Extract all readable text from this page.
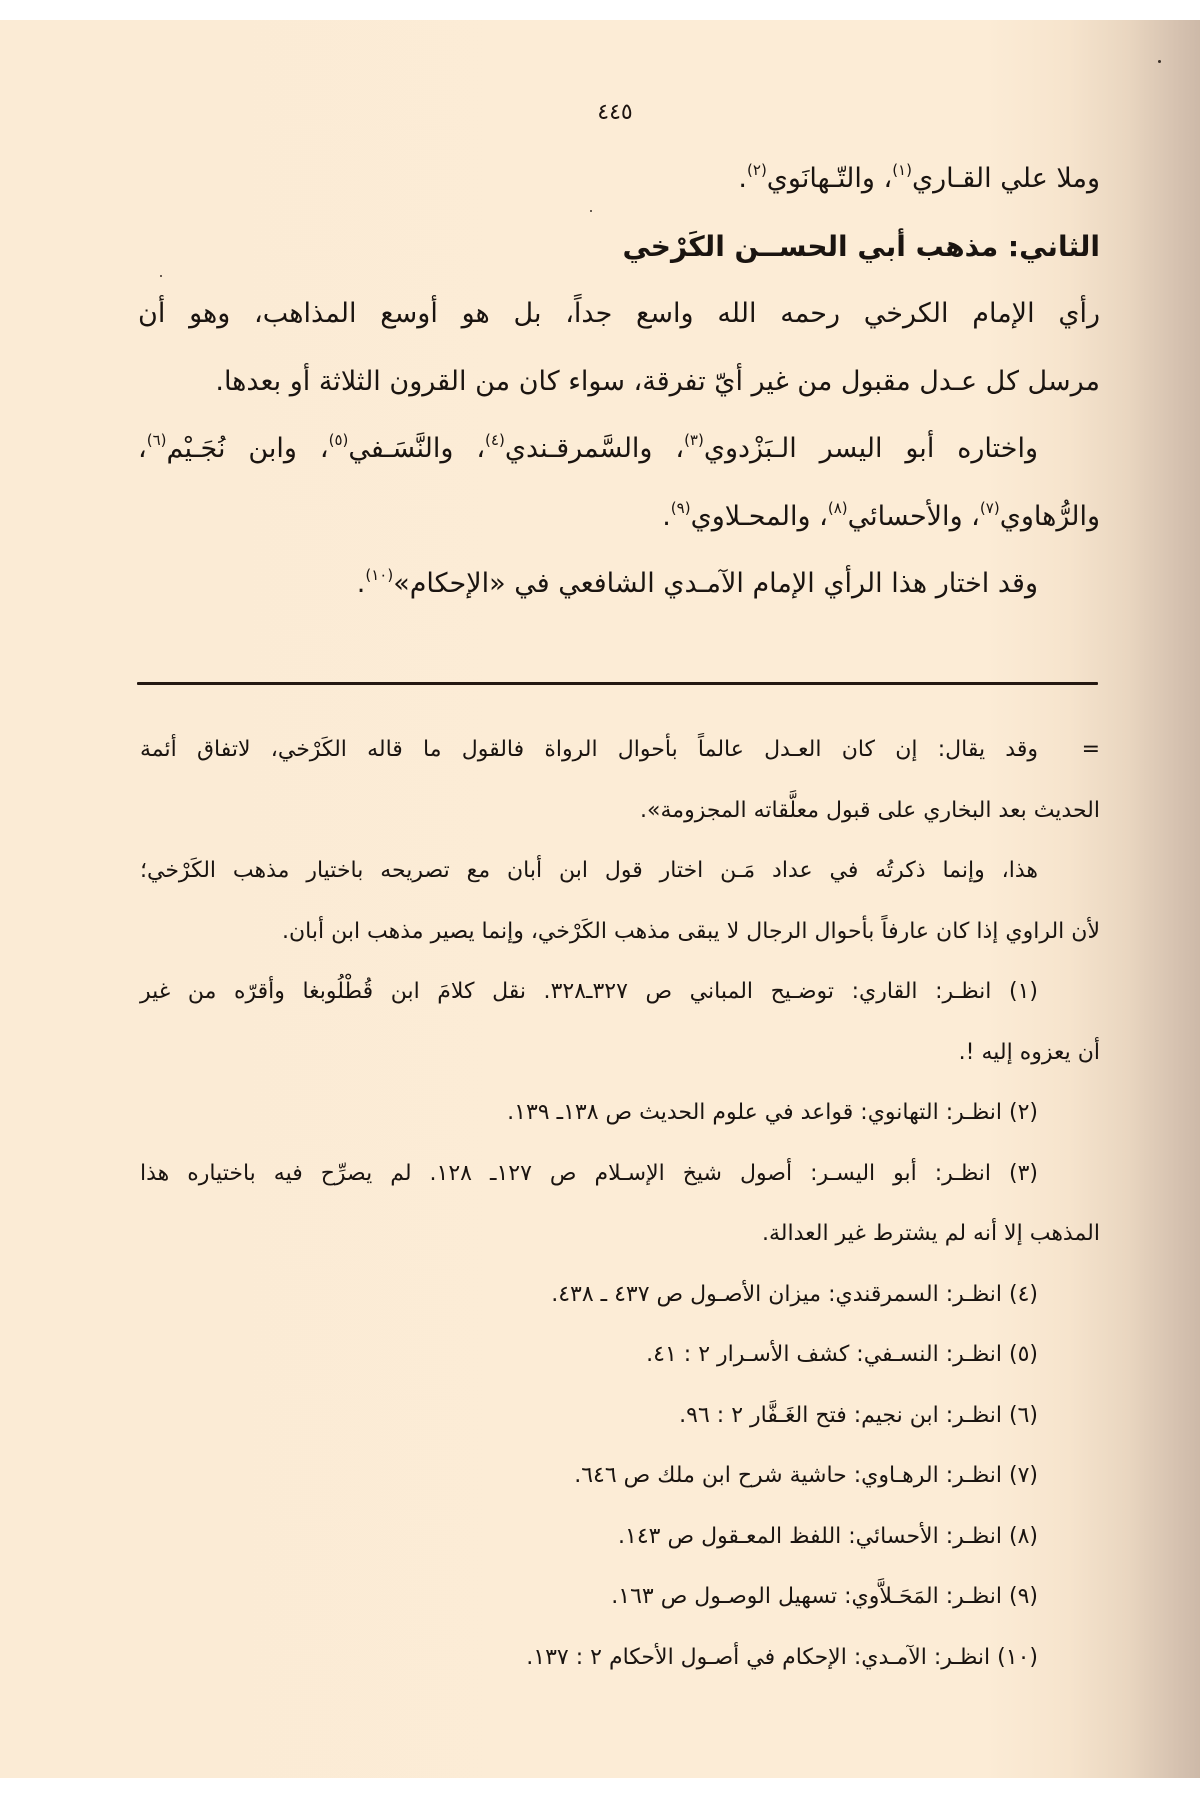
٤٤٥
وملا علي القـاري$^{(١)}$، والتّـهانَوي$^{(٢)}$.
الثاني: مذهب أبي الحســن الكَرْخي
رأي الإمام الكرخي رحمه الله واسع جداً، بل هو أوسع المذاهب، وهو أن
مرسل كل عـدل مقبول من غير أيّ تفرقة، سواء كان من القرون الثلاثة أو بعدها.
واختاره أبو اليسر الـبَزْدوي$^{(٣)}$، والسَّمرقـندي$^{(٤)}$، والنَّسَـفي$^{(٥)}$، وابن نُجَـيْم$^{(٦)}$،
والرُّهاوي$^{(٧)}$، والأحسائي$^{(٨)}$، والمحـلاوي$^{(٩)}$.
وقد اختار هذا الرأي الإمام الآمـدي الشافعي في «الإحكام»$^{(١٠)}$.
=وقد يقال: إن كان العـدل عالماً بأحوال الرواة فالقول ما قاله الكَرْخي، لاتفاق أئمة
الحديث بعد البخاري على قبول معلَّقاته المجزومة».
هذا، وإنما ذكرتُه في عداد مَـن اختار قول ابن أبان مع تصريحه باختيار مذهب الكَرْخي؛
لأن الراوي إذا كان عارفاً بأحوال الرجال لا يبقى مذهب الكَرْخي، وإنما يصير مذهب ابن أبان.
(١) انظـر: القاري: توضـيح المباني ص ٣٢٧ـ٣٢٨. نقل كلامَ ابن قُطْلُوبغا وأقرّه من غير
أن يعزوه إليه !.
(٢) انظـر: التهانوي: قواعد في علوم الحديث ص ١٣٨ـ ١٣٩.
(٣) انظـر: أبو اليسـر: أصول شيخ الإسـلام ص ١٢٧ـ ١٢٨. لم يصرِّح فيه باختياره هذا
المذهب إلا أنه لم يشترط غير العدالة.
(٤) انظـر: السمرقندي: ميزان الأصـول ص ٤٣٧ ـ ٤٣٨.
(٥) انظـر: النسـفي: كشف الأسـرار ٢ : ٤١.
(٦) انظـر: ابن نجيم: فتح الغَـفَّار ٢ : ٩٦.
(٧) انظـر: الرهـاوي: حاشية شرح ابن ملك ص ٦٤٦.
(٨) انظـر: الأحسائي: اللفظ المعـقول ص ١٤٣.
(٩) انظـر: المَحَـلاَّوي: تسهيل الوصـول ص ١٦٣.
(١٠) انظـر: الآمـدي: الإحكام في أصـول الأحكام ٢ : ١٣٧.
